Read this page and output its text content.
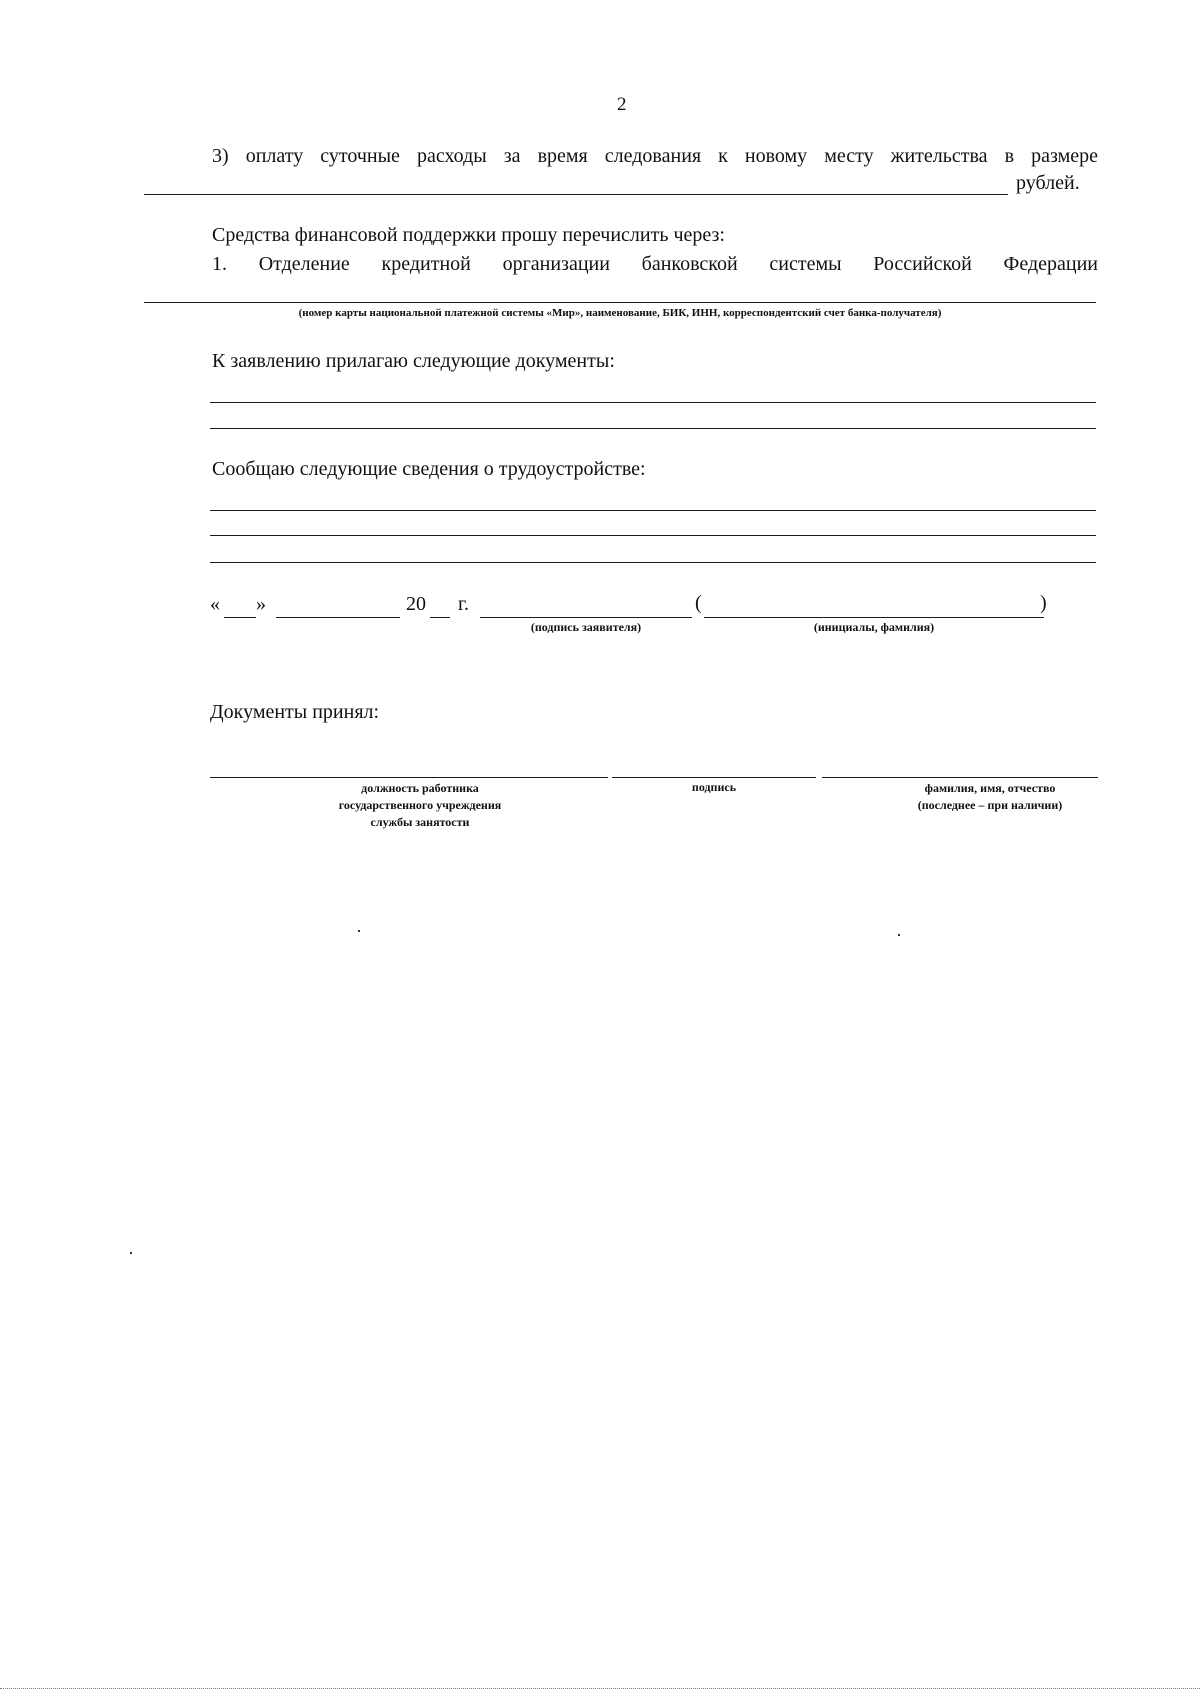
2
3) оплату суточные расходы за время следования к новому месту жительства в размере
рублей.
Средства финансовой поддержки прошу перечислить через:
1. Отделение кредитной организации банковской системы Российской Федерации
(номер карты национальной платежной системы «Мир», наименование, БИК, ИНН, корреспондентский счет банка-получателя)
К заявлению прилагаю следующие документы:
Сообщаю следующие сведения о трудоустройстве:
« »	20 г.	(	)
(подпись заявителя)	(инициалы, фамилия)
Документы принял:
должность работника
государственного учреждения
службы занятости
подпись	фамилия, имя, отчество
(последнее – при наличии)
